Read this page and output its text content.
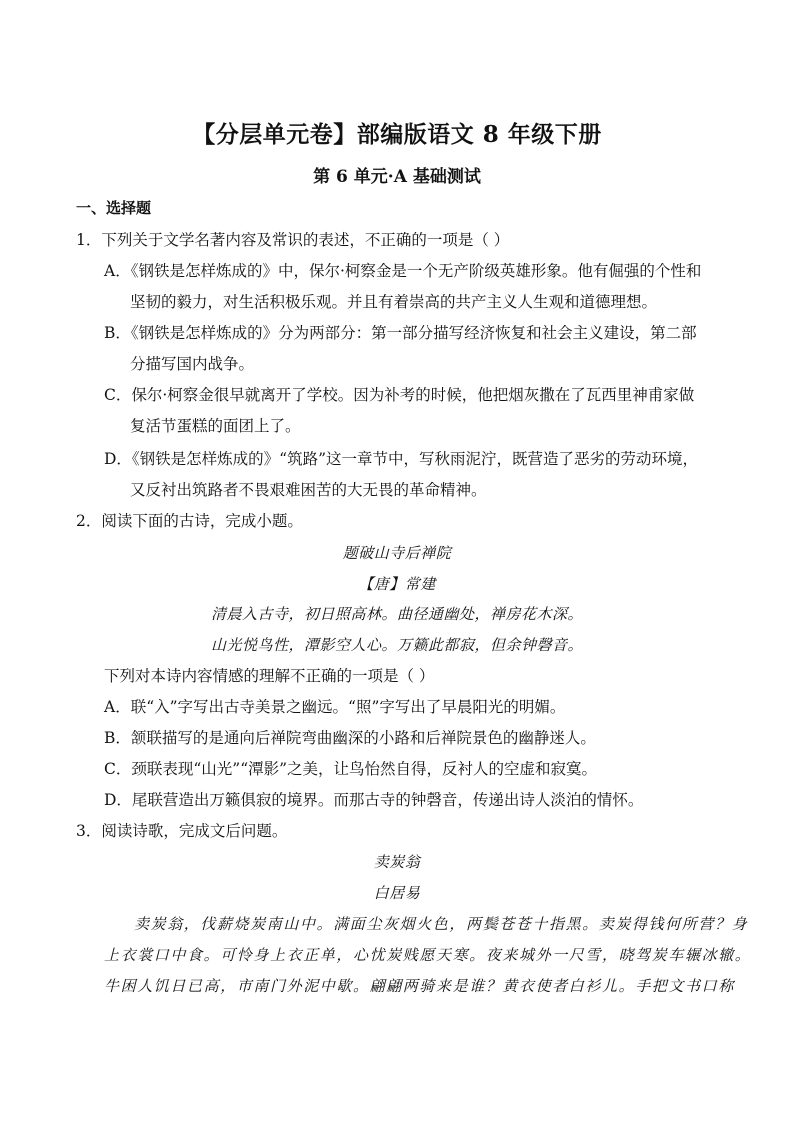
【分层单元卷】部编版语文 8 年级下册
第 6 单元·A 基础测试
一、选择题
1．下列关于文学名著内容及常识的表述，不正确的一项是（ ）
A．《钢铁是怎样炼成的》中，保尔·柯察金是一个无产阶级英雄形象。他有倔强的个性和
坚韧的毅力，对生活积极乐观。并且有着崇高的共产主义人生观和道德理想。
B．《钢铁是怎样炼成的》分为两部分：第一部分描写经济恢复和社会主义建设，第二部
分描写国内战争。
C．保尔·柯察金很早就离开了学校。因为补考的时候，他把烟灰撒在了瓦西里神甫家做
复活节蛋糕的面团上了。
D．《钢铁是怎样炼成的》“筑路”这一章节中，写秋雨泥泞，既营造了恶劣的劳动环境，
又反衬出筑路者不畏艰难困苦的大无畏的革命精神。
2．阅读下面的古诗，完成小题。
题破山寺后禅院
【唐】常建
清晨入古寺，初日照高林。曲径通幽处，禅房花木深。
山光悦鸟性，潭影空人心。万籁此都寂，但余钟磬音。
下列对本诗内容情感的理解不正确的一项是（ ）
A．联“入”字写出古寺美景之幽远。“照”字写出了早晨阳光的明媚。
B．颔联描写的是通向后禅院弯曲幽深的小路和后禅院景色的幽静迷人。
C．颈联表现“山光”“潭影”之美，让鸟怡然自得，反衬人的空虚和寂寞。
D．尾联营造出万籁俱寂的境界。而那古寺的钟磬音，传递出诗人淡泊的情怀。
3．阅读诗歌，完成文后问题。
卖炭翁
白居易
卖炭翁，伐薪烧炭南山中。满面尘灰烟火色，两鬓苍苍十指黑。卖炭得钱何所营？身
上衣裳口中食。可怜身上衣正单，心忧炭贱愿天寒。夜来城外一尺雪，晓驾炭车辗冰辙。
牛困人饥日已高，市南门外泥中歇。翩翩两骑来是谁？黄衣使者白衫儿。手把文书口称
